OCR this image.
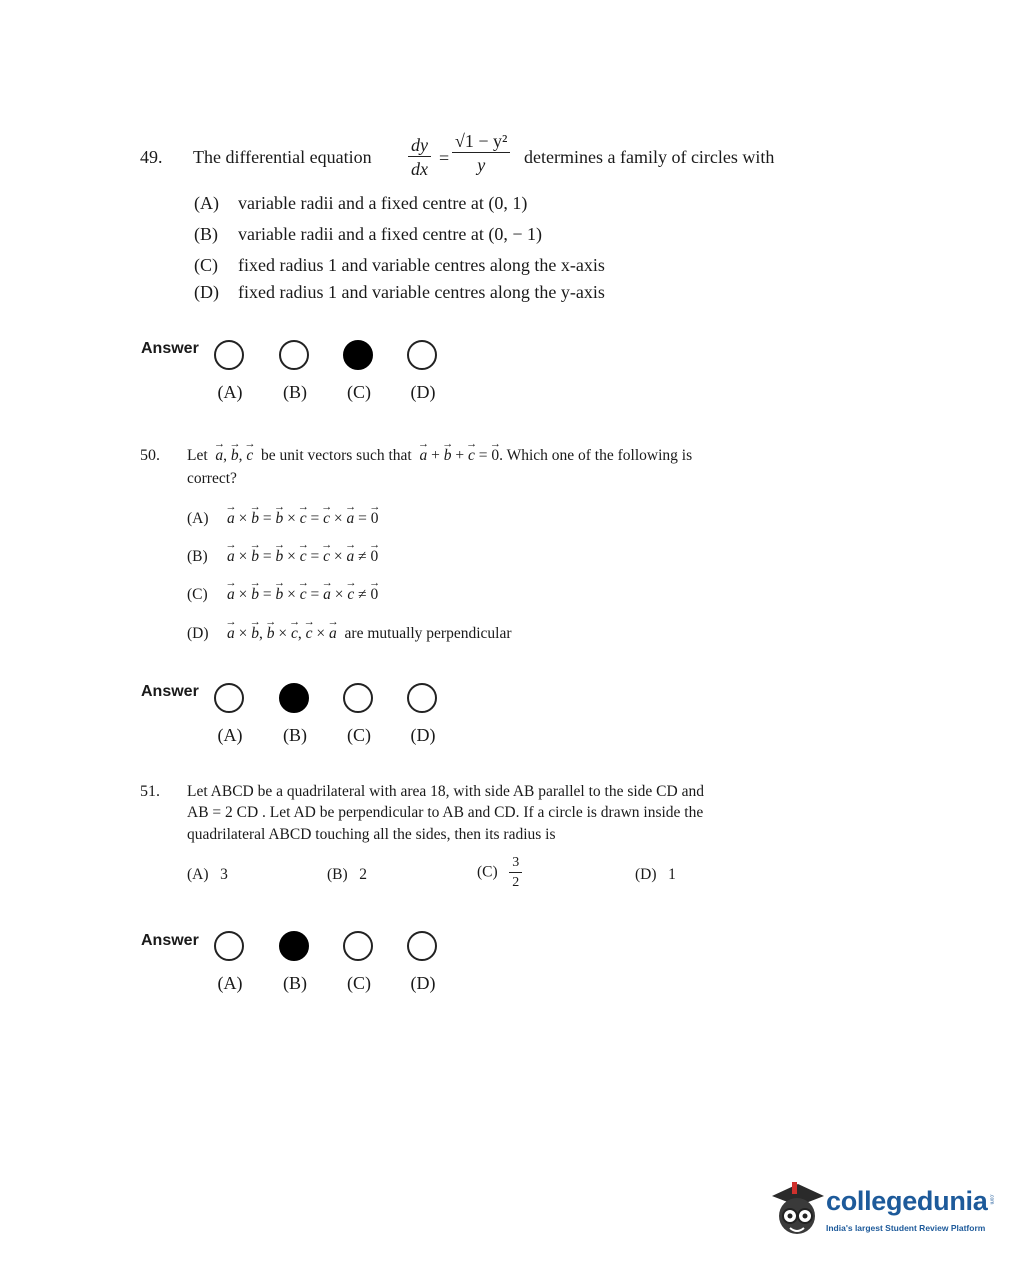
49. The differential equation $\frac{dy}{dx} = \frac{\text{√1 − y²}}{y}$ determines a family of circles with
(A) variable radii and a fixed centre at (0, 1)
(B) variable radii and a fixed centre at (0, − 1)
(C) fixed radius 1 and variable centres along the x-axis
(D) fixed radius 1 and variable centres along the y-axis
Answer
(A)	(B)	(C)	(D)
50. Let → a, → b, → c be unit vectors such that → a + → b + → c = → 0. Which one of the following is
correct?
(A) → a × → b = → b × → c = → c × → a = → 0
(B) → a × → b = → b × → c = → c × → a ≠ → 0
(C) → a × → b = → b × → c = → a × → c ≠ → 0
(D) → a × → b, → b × → c, → c × → a are mutually perpendicular
Answer
(A)	(B)	(C)	(D)
51. Let ABCD be a quadrilateral with area 18, with side AB parallel to the side CD and
AB = 2 CD . Let AD be perpendicular to AB and CD. If a circle is drawn inside the
quadrilateral ABCD touching all the sides, then its radius is
(A) 3	(B) 2	$(C) \frac{3}{2}$	(D) 1
Answer
(A)	(B)	(C)	(D)
collegedunia .com
India's largest Student Review Platform
